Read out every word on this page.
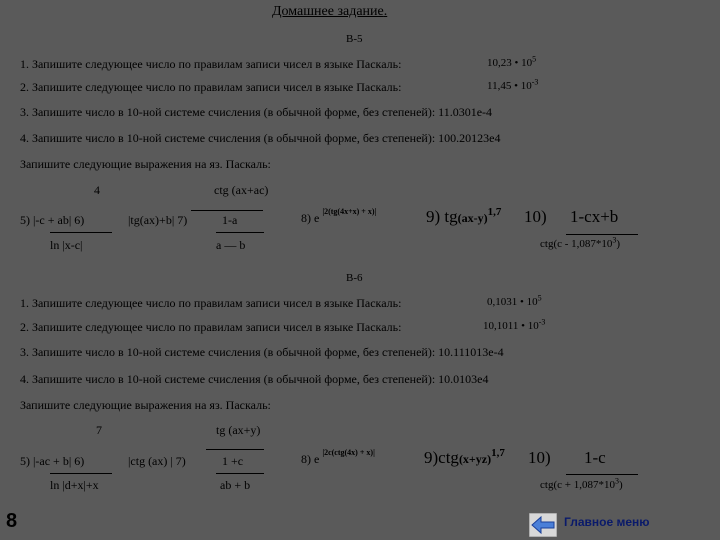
Домашнее задание.
В-5
1. Запишите следующее число по правилам записи чисел в языке Паскаль:	10,23 • $10^5$
2. Запишите следующее число по правилам записи чисел в языке Паскаль:	11,45 • $10^{-3}$
3. Запишите число в 10-ной системе счисления (в обычной форме, без степеней): 11.0301е-4
4. Запишите число в 10-ной системе счисления (в обычной форме, без степеней): 100.20123е4
Запишите следующие выражения на яз. Паскаль:
4	ctg (ax+ac)
5) |-c + ab| 6)	|tg(ax)+b| 7)	1-a
ln |x-c|	a — b
8) e $^{|2(tg(4x+x) + x)|}$	9) $tg(ax-y)^{1,7}$ 10) 1-cx+b
$ctg(c - 1,087*10^3)$
В-6
1. Запишите следующее число по правилам записи чисел в языке Паскаль:	0,1031 • $10^5$
2. Запишите следующее число по правилам записи чисел в языке Паскаль:	10,1011 • $10^{-3}$
3. Запишите число в 10-ной системе счисления (в обычной форме, без степеней): 10.111013е-4
4. Запишите число в 10-ной системе счисления (в обычной форме, без степеней): 10.0103е4
Запишите следующие выражения на яз. Паскаль:
7	tg (ax+y)
5) |-ac + b| 6)	|ctg (ax) | 7)	1 +c
ln |d+x|+x	ab + b
8) e $^{|2c(ctg(4x) + x)|}$	$9)ctg(x+yz)^{1,7}$ 10) 1-c
$ctg(c + 1,087*10^3)$
8	Главное меню
